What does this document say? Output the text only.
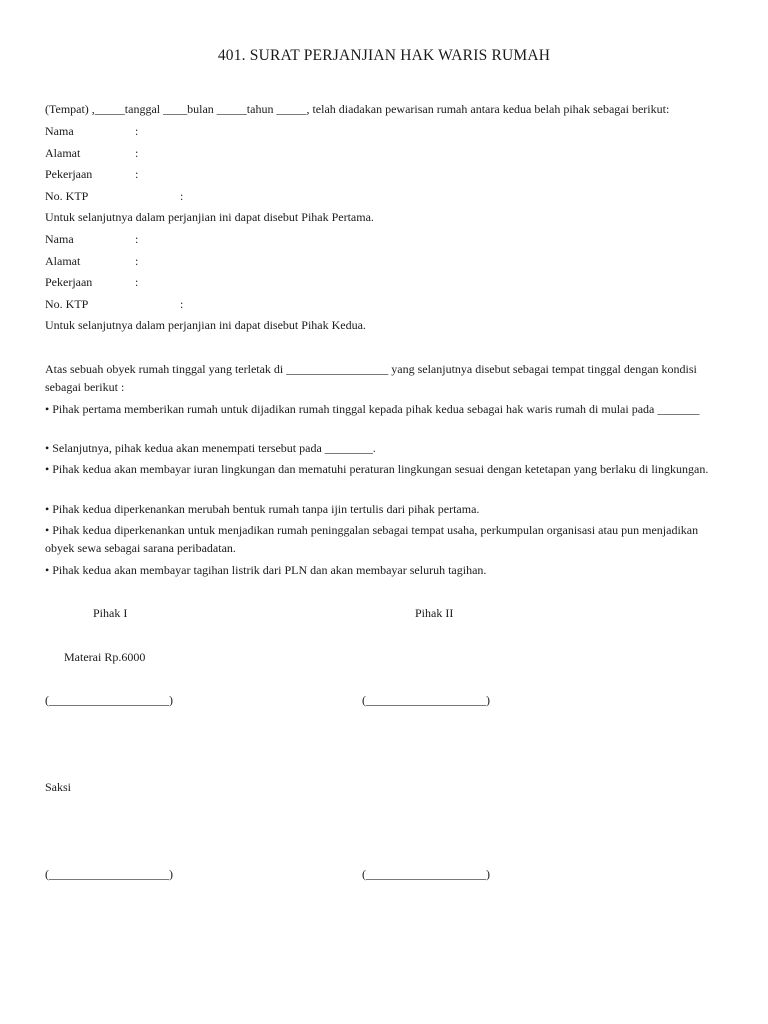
401. SURAT PERJANJIAN HAK WARIS RUMAH
(Tempat) ,_____tanggal ____bulan _____tahun _____, telah diadakan pewarisan rumah antara kedua belah pihak sebagai berikut:
Nama	:
Alamat	:
Pekerjaan	:
No. KTP	:
Untuk selanjutnya dalam perjanjian ini dapat disebut Pihak Pertama.
Nama	:
Alamat	:
Pekerjaan	:
No. KTP	:
Untuk selanjutnya dalam perjanjian ini dapat disebut Pihak Kedua.
Atas sebuah obyek rumah tinggal yang terletak di _________________ yang selanjutnya disebut sebagai tempat tinggal dengan kondisi sebagai berikut :
• Pihak pertama memberikan rumah untuk dijadikan rumah tinggal kepada pihak kedua sebagai hak waris rumah di mulai pada _______
• Selanjutnya, pihak kedua akan menempati tersebut pada ________.
• Pihak kedua akan membayar iuran lingkungan dan mematuhi peraturan lingkungan sesuai dengan ketetapan yang berlaku di lingkungan.
• Pihak kedua diperkenankan merubah bentuk rumah tanpa ijin tertulis dari pihak pertama.
• Pihak kedua diperkenankan untuk menjadikan rumah peninggalan sebagai tempat usaha, perkumpulan organisasi atau pun menjadikan obyek sewa sebagai sarana peribadatan.
• Pihak kedua akan membayar tagihan listrik dari PLN dan akan membayar seluruh tagihan.
Pihak I	Pihak II
Materai Rp.6000
(____________________)	(____________________)
Saksi
(____________________)	(____________________)
